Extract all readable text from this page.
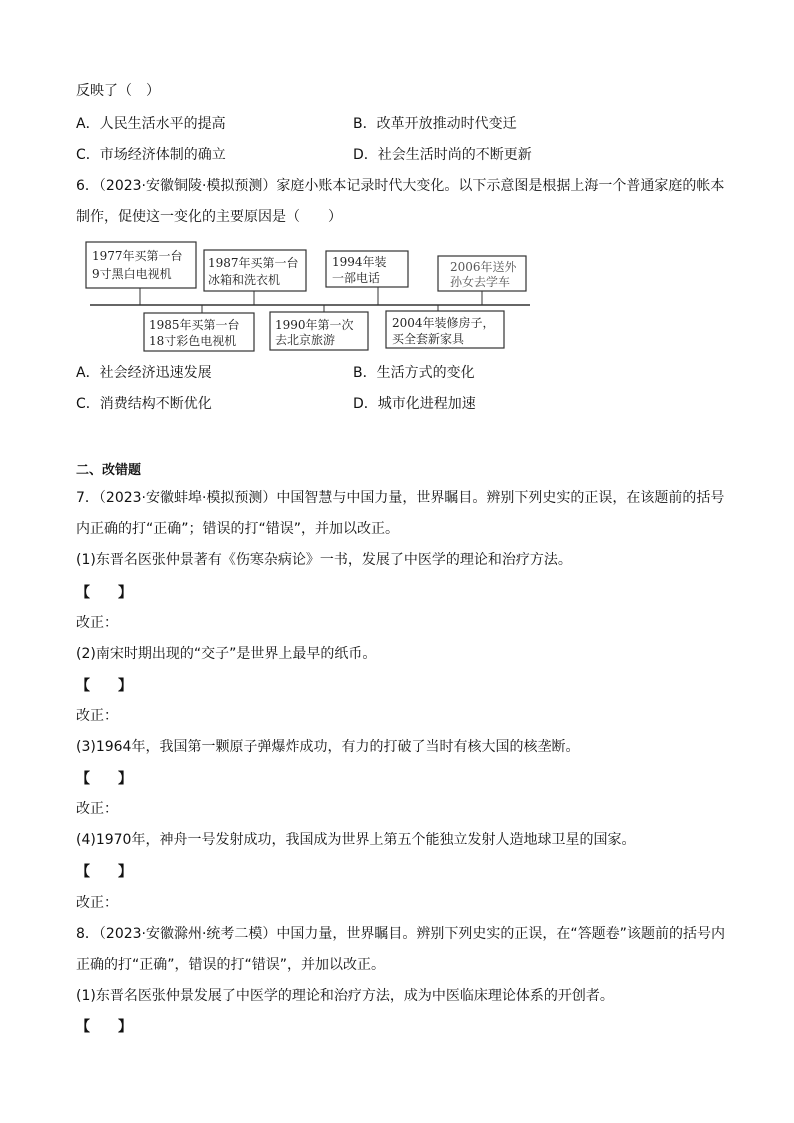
反映了（　）
A．人民生活水平的提高	B．改革开放推动时代变迁
C．市场经济体制的确立	D．社会生活时尚的不断更新
6．（2023·安徽铜陵·模拟预测）家庭小账本记录时代大变化。以下示意图是根据上海一个普通家庭的帐本
制作，促使这一变化的主要原因是（　　）
1977年买第一台
9寸黑白电视机
1987年买第一台
冰箱和洗衣机
1994年装
一部电话
2006年送外
孙女去学车
1985年买第一台
18寸彩色电视机
1990年第一次
去北京旅游
2004年装修房子，
买全套新家具
A．社会经济迅速发展	B．生活方式的变化
C．消费结构不断优化	D．城市化进程加速
二、改错题
7．（2023·安徽蚌埠·模拟预测）中国智慧与中国力量，世界瞩目。辨别下列史实的正误，在该题前的括号
内正确的打“正确”；错误的打“错误”，并加以改正。
(1)东晋名医张仲景著有《伤寒杂病论》一书，发展了中医学的理论和治疗方法。
【　　】
改正：
(2)南宋时期出现的“交子”是世界上最早的纸币。
【　　】
改正：
(3)1964年，我国第一颗原子弹爆炸成功，有力的打破了当时有核大国的核垄断。
【　　】
改正：
(4)1970年，神舟一号发射成功，我国成为世界上第五个能独立发射人造地球卫星的国家。
【　　】
改正：
8．（2023·安徽滁州·统考二模）中国力量，世界瞩目。辨别下列史实的正误，在“答题卷”该题前的括号内
正确的打“正确”，错误的打“错误”，并加以改正。
(1)东晋名医张仲景发展了中医学的理论和治疗方法，成为中医临床理论体系的开创者。
【　　】
